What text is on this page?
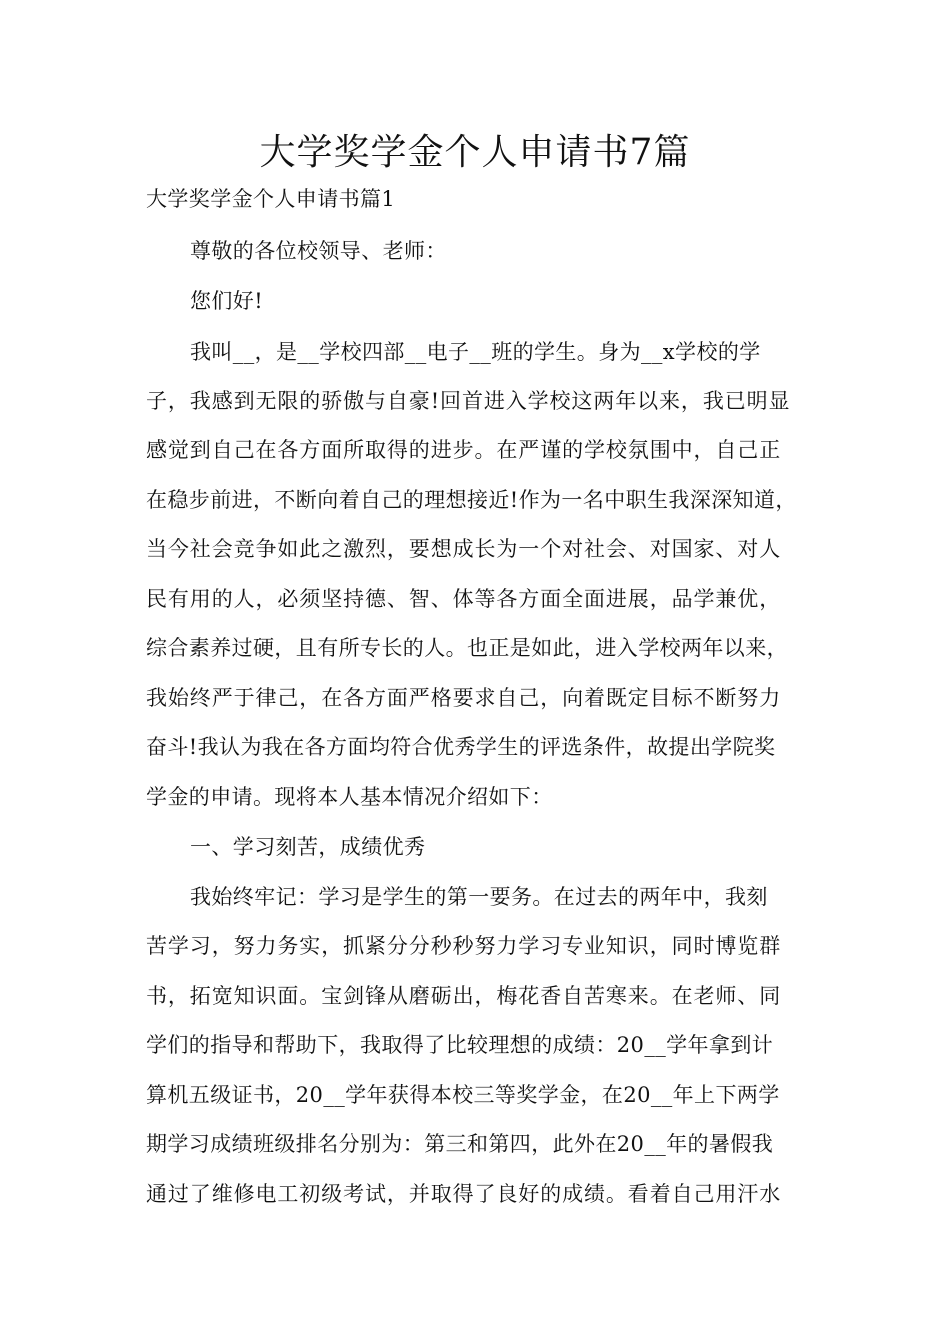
大学奖学金个人申请书7篇
大学奖学金个人申请书篇1
尊敬的各位校领导、老师：
您们好!
我叫__，是__学校四部__电子__班的学生。身为__x学校的学
子，我感到无限的骄傲与自豪!回首进入学校这两年以来，我已明显
感觉到自己在各方面所取得的进步。在严谨的学校氛围中，自己正
在稳步前进，不断向着自己的理想接近!作为一名中职生我深深知道，
当今社会竞争如此之激烈，要想成长为一个对社会、对国家、对人
民有用的人，必须坚持德、智、体等各方面全面进展，品学兼优，
综合素养过硬，且有所专长的人。也正是如此，进入学校两年以来，
我始终严于律己，在各方面严格要求自己，向着既定目标不断努力
奋斗!我认为我在各方面均符合优秀学生的评选条件，故提出学院奖
学金的申请。现将本人基本情况介绍如下：
一、学习刻苦，成绩优秀
我始终牢记：学习是学生的第一要务。在过去的两年中，我刻
苦学习，努力务实，抓紧分分秒秒努力学习专业知识，同时博览群
书，拓宽知识面。宝剑锋从磨砺出，梅花香自苦寒来。在老师、同
学们的指导和帮助下，我取得了比较理想的成绩：20__学年拿到计
算机五级证书，20__学年获得本校三等奖学金，在20__年上下两学
期学习成绩班级排名分别为：第三和第四，此外在20__年的暑假我
通过了维修电工初级考试，并取得了良好的成绩。看着自己用汗水
